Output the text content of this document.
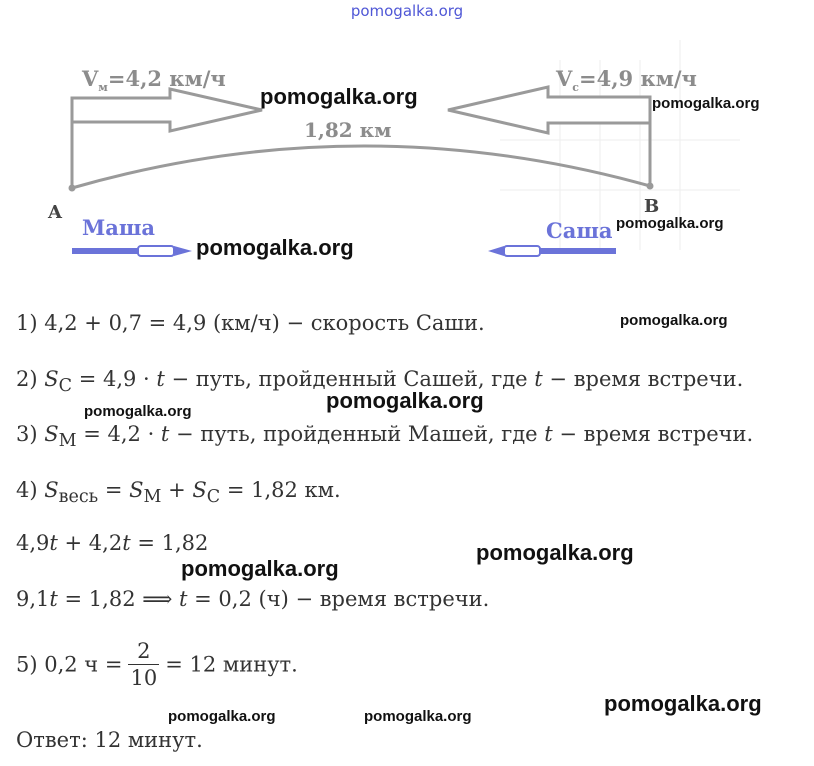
pomogalka.org
$V_м=4,2$ км/ч	$V_с=4,9$ км/ч
1,82 км
A	B
Маша	Саша
1) 4,2 + 0,7 = 4,9 (км/ч) − скорость Саши.
2) $S_С = 4,9 \cdot t$ − путь, пройденный Сашей, где t − время встречи.
3) $S_М = 4,2 \cdot t$ − путь, пройденный Машей, где t − время встречи.
4) $S_{весь} = S_М + S_С = 1,82$ км.
4,9t + 4,2t = 1,82
9,1t = 1,82 ⟹ t = 0,2 (ч) − время встречи.
5) 0,2 $ч = \frac{2}{10} = 12$ минут.
Ответ: 12 минут.
pomogalka.org	pomogalka.org
pomogalka.org
pomogalka.org
pomogalka.org
pomogalka.org
pomogalka.org
pomogalka.org
pomogalka.org
pomogalka.org
pomogalka.org	pomogalka.org
